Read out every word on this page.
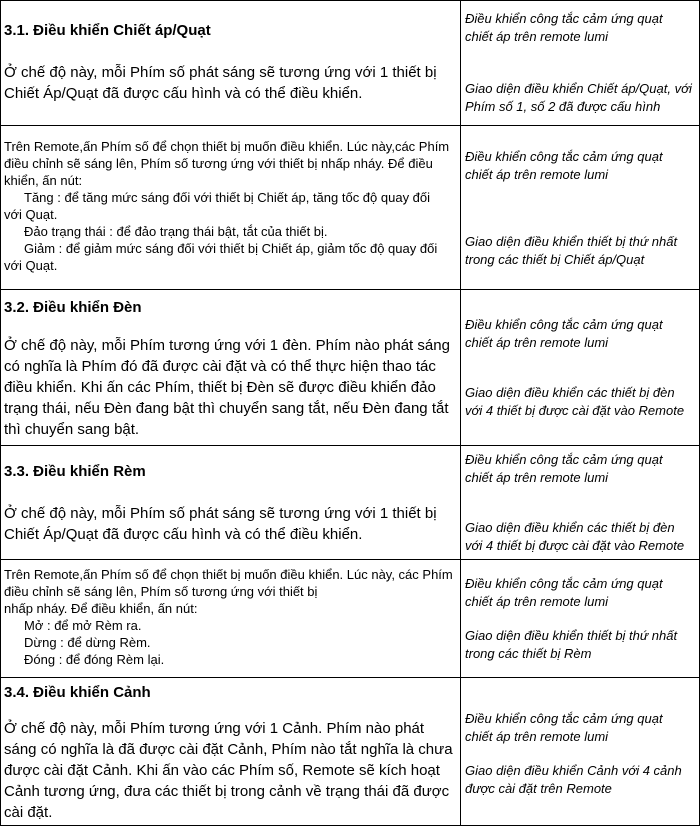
3.1. Điều khiển Chiết áp/Quạt
Ở chế độ này, mỗi Phím số phát sáng sẽ tương ứng với 1 thiết bị
Chiết Áp/Quạt đã được cấu hình và có thể điều khiển.
Điều khiển công tắc cảm ứng quạt
chiết áp trên remote lumi
Giao diện điều khiển Chiết áp/Quạt, với
Phím số 1, số 2 đã được cấu hình
Trên Remote,ấn Phím số để chọn thiết bị muốn điều khiển. Lúc này,các Phím
điều chỉnh sẽ sáng lên, Phím số tương ứng với thiết bị nhấp nháy. Để điều
khiển, ấn nút:
Tăng : để tăng mức sáng đối với thiết bị Chiết áp, tăng tốc độ quay đối
với Quạt.
Đảo trạng thái : để đảo trạng thái bật, tắt của thiết bị.
Giảm : để giảm mức sáng đối với thiết bị Chiết áp, giảm tốc độ quay đối
với Quạt.
Điều khiển công tắc cảm ứng quạt
chiết áp trên remote lumi
Giao diện điều khiển thiết bị thứ nhất
trong các thiết bị Chiết áp/Quạt
3.2. Điều khiển Đèn
Ở chế độ này, mỗi Phím tương ứng với 1 đèn. Phím nào phát sáng
có nghĩa là Phím đó đã được cài đặt và có thể thực hiện thao tác
điều khiển. Khi ấn các Phím, thiết bị Đèn sẽ được điều khiển đảo
trạng thái, nếu Đèn đang bật thì chuyển sang tắt, nếu Đèn đang tắt
thì chuyển sang bật.
Điều khiển công tắc cảm ứng quạt
chiết áp trên remote lumi
Giao diện điều khiển các thiết bị đèn
với 4 thiết bị được cài đặt vào Remote
3.3. Điều khiển Rèm
Ở chế độ này, mỗi Phím số phát sáng sẽ tương ứng với 1 thiết bị
Chiết Áp/Quạt đã được cấu hình và có thể điều khiển.
Điều khiển công tắc cảm ứng quạt
chiết áp trên remote lumi
Giao diện điều khiển các thiết bị đèn
với 4 thiết bị được cài đặt vào Remote
Trên Remote,ấn Phím số để chọn thiết bị muốn điều khiển. Lúc này, các Phím
điều chỉnh sẽ sáng lên, Phím số tương ứng với thiết bị
nhấp nháy. Để điều khiển, ấn nút:
Mở : để mở Rèm ra.
Dừng : để dừng Rèm.
Đóng : để đóng Rèm lại.
Điều khiển công tắc cảm ứng quạt
chiết áp trên remote lumi
Giao diện điều khiển thiết bị thứ nhất
trong các thiết bị Rèm
3.4. Điều khiển Cảnh
Ở chế độ này, mỗi Phím tương ứng với 1 Cảnh. Phím nào phát
sáng có nghĩa là đã được cài đặt Cảnh, Phím nào tắt nghĩa là chưa
được cài đặt Cảnh. Khi ấn vào các Phím số, Remote sẽ kích hoạt
Cảnh tương ứng, đưa các thiết bị trong cảnh về trạng thái đã được
cài đặt.
Điều khiển công tắc cảm ứng quạt
chiết áp trên remote lumi
Giao diện điều khiển Cảnh với 4 cảnh
được cài đặt trên Remote
